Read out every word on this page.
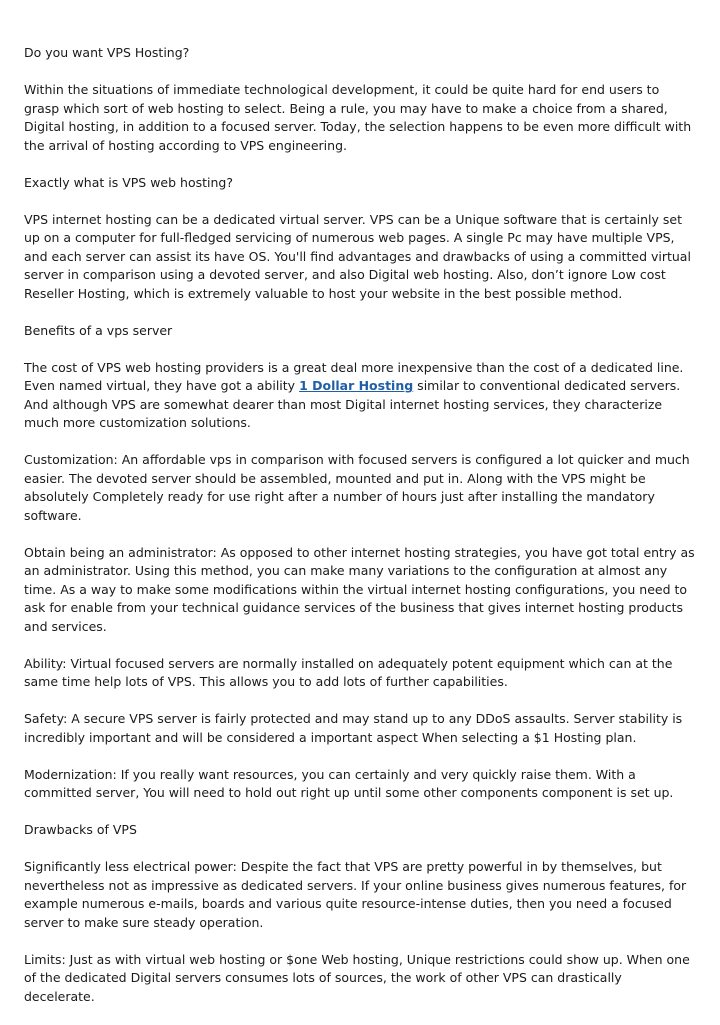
Do you want VPS Hosting?

Within the situations of immediate technological development, it could be quite hard for end users to grasp which sort of web hosting to select. Being a rule, you may have to make a choice from a shared, Digital hosting, in addition to a focused server. Today, the selection happens to be even more difficult with the arrival of hosting according to VPS engineering.

Exactly what is VPS web hosting?

VPS internet hosting can be a dedicated virtual server. VPS can be a Unique software that is certainly set up on a computer for full-fledged servicing of numerous web pages. A single Pc may have multiple VPS, and each server can assist its have OS. You'll find advantages and drawbacks of using a committed virtual server in comparison using a devoted server, and also Digital web hosting. Also, don’t ignore Low cost Reseller Hosting, which is extremely valuable to host your website in the best possible method.

Benefits of a vps server

The cost of VPS web hosting providers is a great deal more inexpensive than the cost of a dedicated line. Even named virtual, they have got a ability 1 Dollar Hosting similar to conventional dedicated servers. And although VPS are somewhat dearer than most Digital internet hosting services, they characterize much more customization solutions.

Customization: An affordable vps in comparison with focused servers is configured a lot quicker and much easier. The devoted server should be assembled, mounted and put in. Along with the VPS might be absolutely Completely ready for use right after a number of hours just after installing the mandatory software.

Obtain being an administrator: As opposed to other internet hosting strategies, you have got total entry as an administrator. Using this method, you can make many variations to the configuration at almost any time. As a way to make some modifications within the virtual internet hosting configurations, you need to ask for enable from your technical guidance services of the business that gives internet hosting products and services.

Ability: Virtual focused servers are normally installed on adequately potent equipment which can at the same time help lots of VPS. This allows you to add lots of further capabilities.

Safety: A secure VPS server is fairly protected and may stand up to any DDoS assaults. Server stability is incredibly important and will be considered a important aspect When selecting a $1 Hosting plan.

Modernization: If you really want resources, you can certainly and very quickly raise them. With a committed server, You will need to hold out right up until some other components component is set up.

Drawbacks of VPS

Significantly less electrical power: Despite the fact that VPS are pretty powerful in by themselves, but nevertheless not as impressive as dedicated servers. If your online business gives numerous features, for example numerous e-mails, boards and various quite resource-intense duties, then you need a focused server to make sure steady operation.

Limits: Just as with virtual web hosting or $one Web hosting, Unique restrictions could show up. When one of the dedicated Digital servers consumes lots of sources, the work of other VPS can drastically decelerate.
